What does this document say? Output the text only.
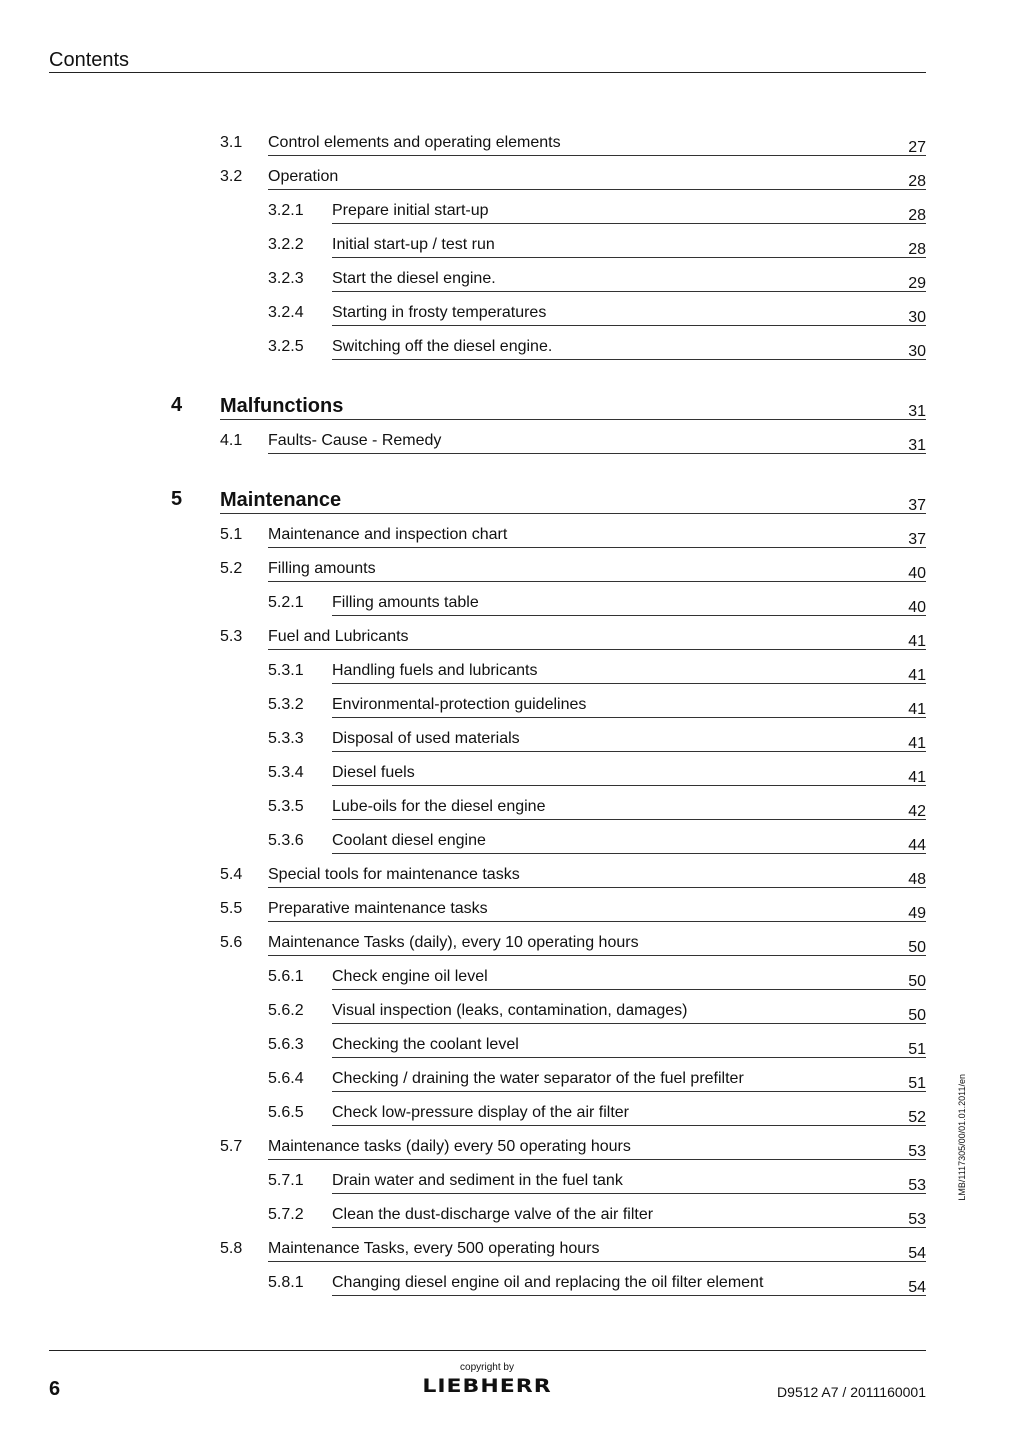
Contents
3.1 Control elements and operating elements	27
3.2 Operation	28
3.2.1 Prepare initial start-up	28
3.2.2 Initial start-up / test run	28
3.2.3 Start the diesel engine.	29
3.2.4 Starting in frosty temperatures	30
3.2.5 Switching off the diesel engine.	30
4 Malfunctions	31
4.1 Faults- Cause - Remedy	31
5 Maintenance	37
5.1 Maintenance and inspection chart	37
5.2 Filling amounts	40
5.2.1 Filling amounts table	40
5.3 Fuel and Lubricants	41
5.3.1 Handling fuels and lubricants	41
5.3.2 Environmental-protection guidelines	41
5.3.3 Disposal of used materials	41
5.3.4 Diesel fuels	41
5.3.5 Lube-oils for the diesel engine	42
5.3.6 Coolant diesel engine	44
5.4 Special tools for maintenance tasks	48
5.5 Preparative maintenance tasks	49
5.6 Maintenance Tasks (daily), every 10 operating hours	50
5.6.1 Check engine oil level	50
5.6.2 Visual inspection (leaks, contamination, damages)	50
5.6.3 Checking the coolant level	51
5.6.4 Checking / draining the water separator of the fuel prefilter	51
5.6.5 Check low-pressure display of the air filter	52
5.7 Maintenance tasks (daily) every 50 operating hours	53
5.7.1 Drain water and sediment in the fuel tank	53
5.7.2 Clean the dust-discharge valve of the air filter	53
5.8 Maintenance Tasks, every 500 operating hours	54
5.8.1 Changing diesel engine oil and replacing the oil filter element	54
6
copyright by
LIEBHERR	D9512 A7 / 2011160001
LMB/1117305/00/01.01.2011/en
